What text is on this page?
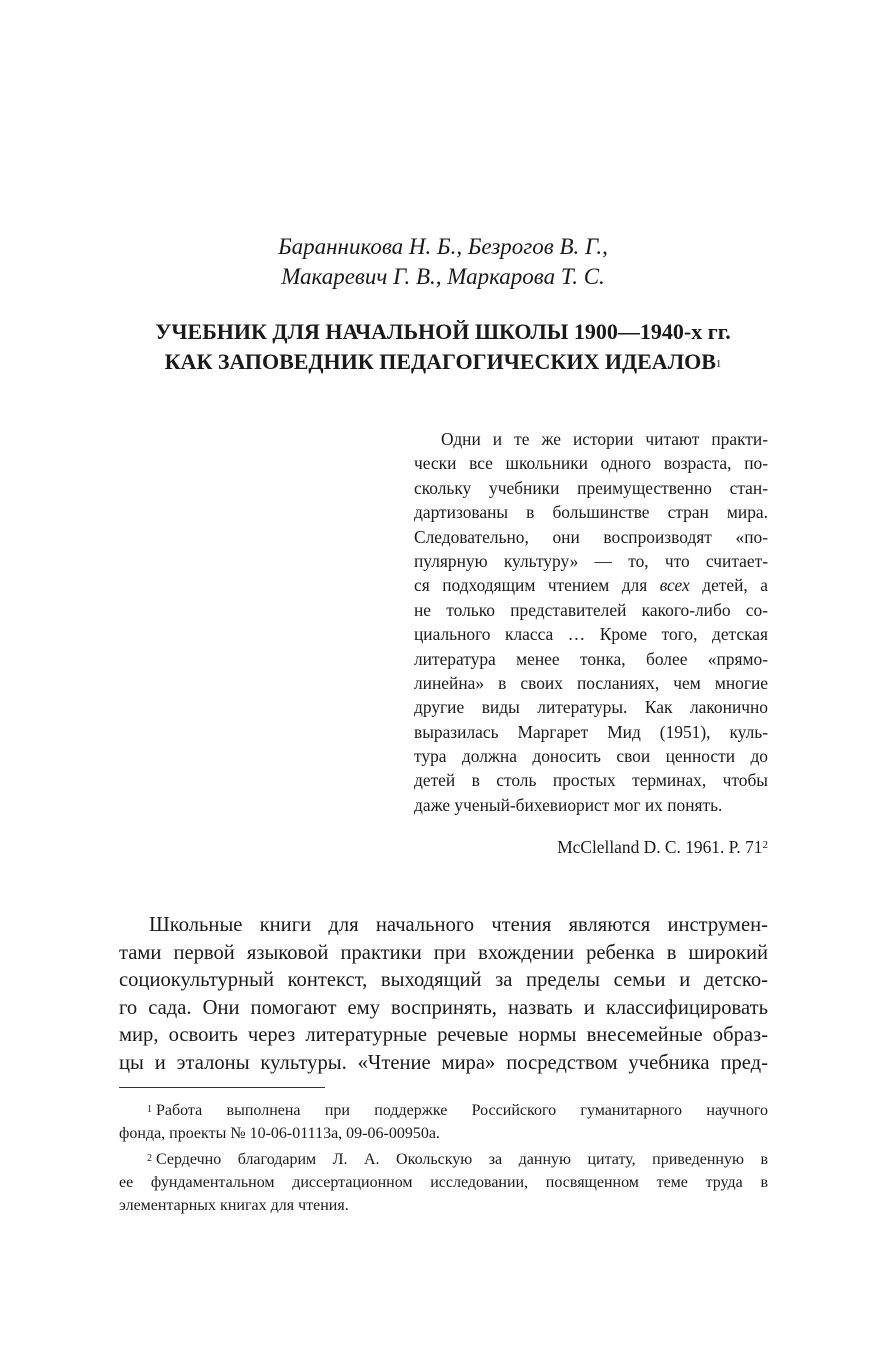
Баранникова Н. Б., Безрогов В. Г.,
Макаревич Г. В., Маркарова Т. С.
УЧЕБНИК ДЛЯ НАЧАЛЬНОЙ ШКОЛЫ 1900—1940-х гг.
КАК ЗАПОВЕДНИК ПЕДАГОГИЧЕСКИХ ИДЕАЛОВ$^1$
Одни и те же истории читают практи-
чески все школьники одного возраста, по-
скольку учебники преимущественно стан-
дартизованы в большинстве стран мира.
Следовательно, они воспроизводят «по-
пулярную культуру» — то, что считает-
ся подходящим чтением для всех детей, а
не только представителей какого-либо со-
циального класса … Кроме того, детская
литература менее тонка, более «прямо-
линейна» в своих посланиях, чем многие
другие виды литературы. Как лаконично
выразилась Маргарет Мид (1951), куль-
тура должна доносить свои ценности до
детей в столь простых терминах, чтобы
даже ученый-бихевиорист мог их понять.
McClelland D. C. 1961. P. $71^2$
Школьные книги для начального чтения являются инструмен-
тами первой языковой практики при вхождении ребенка в широкий
социокультурный контекст, выходящий за пределы семьи и детско-
го сада. Они помогают ему воспринять, назвать и классифицировать
мир, освоить через литературные речевые нормы внесемейные образ-
цы и эталоны культуры. «Чтение мира» посредством учебника пред-
$^1$ Работа выполнена при поддержке Российского гуманитарного научного
фонда, проекты № 10-06-01113а, 09-06-00950а.
$^2$ Сердечно благодарим Л. А. Окольскую за данную цитату, приведенную в
ее фундаментальном диссертационном исследовании, посвященном теме труда в
элементарных книгах для чтения.
